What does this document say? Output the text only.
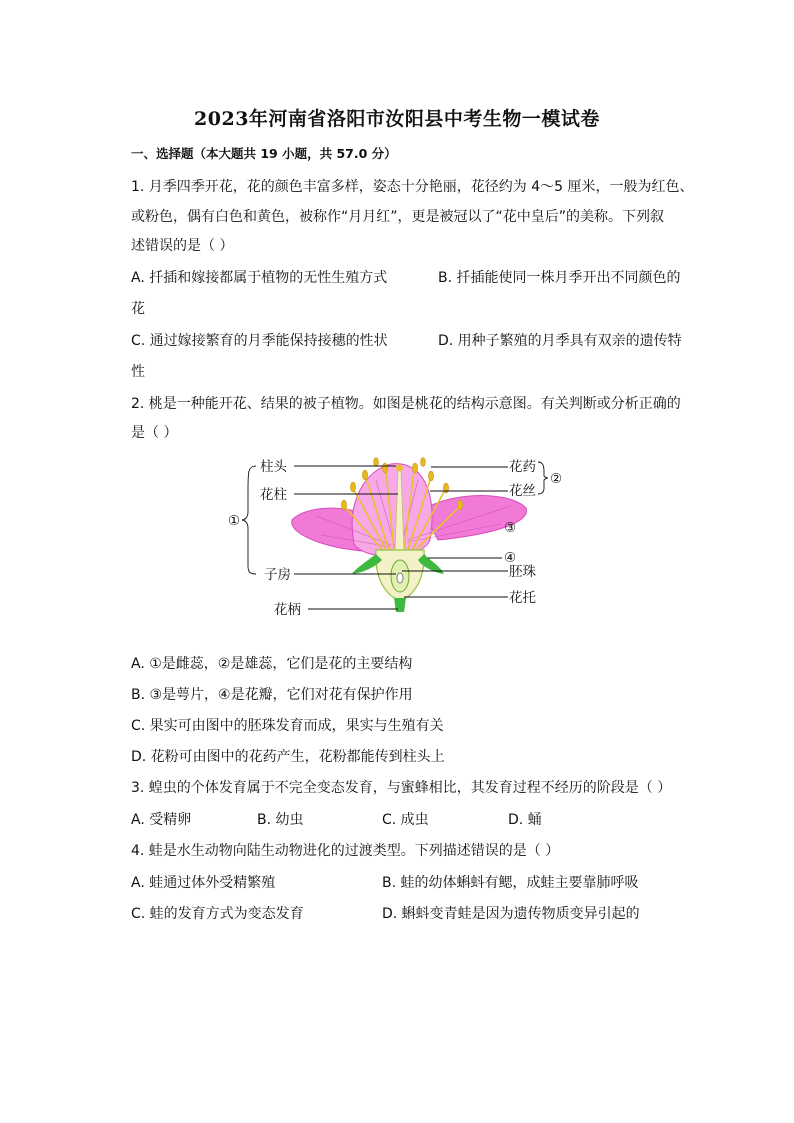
2023年河南省洛阳市汝阳县中考生物一模试卷
一、选择题（本大题共 19 小题，共 57.0 分）
1. 月季四季开花，花的颜色丰富多样，姿态十分艳丽，花径约为 4～5 厘米，一般为红色、
或粉色，偶有白色和黄色，被称作“月月红”，更是被冠以了“花中皇后”的美称。下列叙
述错误的是（ ）
A. 扦插和嫁接都属于植物的无性生殖方式	B. 扦插能使同一株月季开出不同颜色的
花
C. 通过嫁接繁育的月季能保持接穗的性状	D. 用种子繁殖的月季具有双亲的遗传特
性
2. 桃是一种能开花、结果的被子植物。如图是桃花的结构示意图。有关判断或分析正确的
是（ ）
柱头
花柱
子房
花柄
花药
花丝
胚珠
花托
①
②
③
④
A. ①是雌蕊，②是雄蕊，它们是花的主要结构
B. ③是萼片，④是花瓣，它们对花有保护作用
C. 果实可由图中的胚珠发育而成，果实与生殖有关
D. 花粉可由图中的花药产生，花粉都能传到柱头上
3. 蝗虫的个体发育属于不完全变态发育，与蜜蜂相比，其发育过程不经历的阶段是（ ）
A. 受精卵	B. 幼虫	C. 成虫	D. 蛹
4. 蛙是水生动物向陆生动物进化的过渡类型。下列描述错误的是（ ）
A. 蛙通过体外受精繁殖	B. 蛙的幼体蝌蚪有鳃，成蛙主要靠肺呼吸
C. 蛙的发育方式为变态发育	D. 蝌蚪变青蛙是因为遗传物质变异引起的
